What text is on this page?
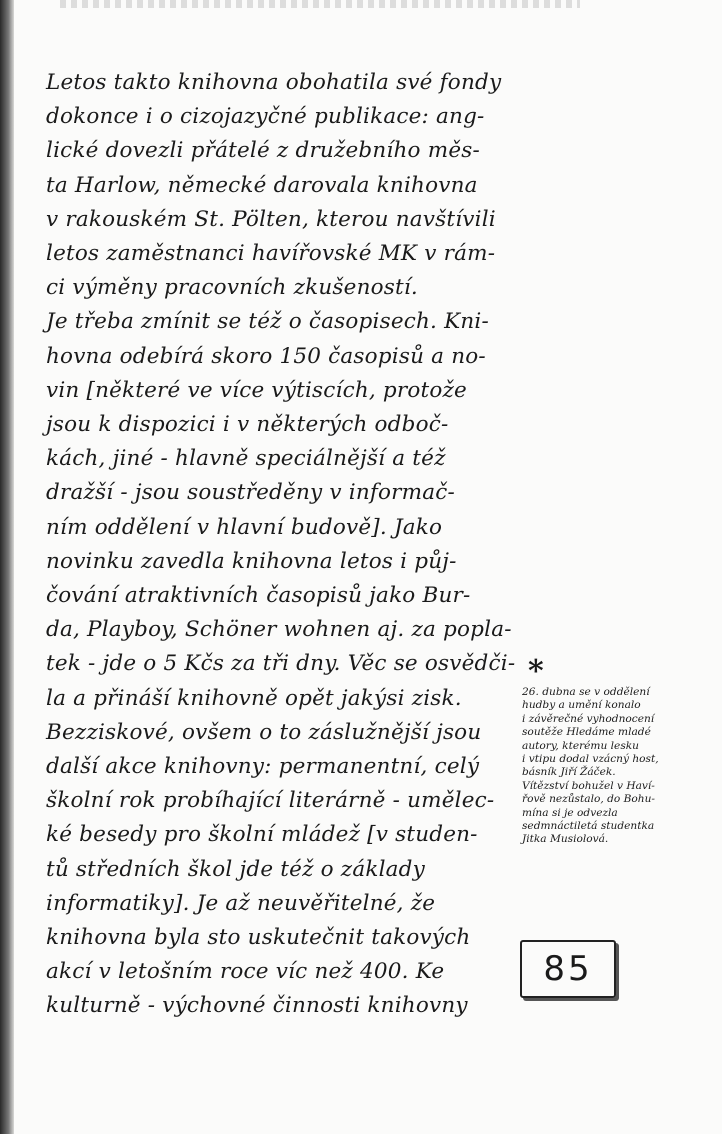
Letos takto knihovna obohatila své fondy
dokonce i o cizojazyčné publikace: ang-
lické dovezli přátelé z družebního měs-
ta Harlow, německé darovala knihovna
v rakouském St. Pölten, kterou navštívili
letos zaměstnanci havířovské MK v rám-
ci výměny pracovních zkušeností.
Je třeba zmínit se též o časopisech. Kni-
hovna odebírá skoro 150 časopisů a no-
vin [některé ve více výtiscích, protože
jsou k dispozici i v některých odboč-
kách, jiné - hlavně speciálnější a též
dražší - jsou soustředěny v informač-
ním oddělení v hlavní budově]. Jako
novinku zavedla knihovna letos i půj-
čování atraktivních časopisů jako Bur-
da, Playboy, Schöner wohnen aj. za popla-
tek - jde o 5 Kčs za tři dny. Věc se osvědči-
la a přináší knihovně opět jakýsi zisk.
Bezziskové, ovšem o to záslužnější jsou
další akce knihovny: permanentní, celý
školní rok probíhající literárně - umělec-
ké besedy pro školní mládež [v studen-
tů středních škol jde též o základy
informatiky]. Je až neuvěřitelné, že
knihovna byla sto uskutečnit takových
akcí v letošním roce víc než 400. Ke
kulturně - výchovné činnosti knihovny
*
26. dubna se v oddělení
hudby a umění konalo
i závěrečné vyhodnocení
soutěže Hledáme mladé
autory, kterému lesku
i vtipu dodal vzácný host,
básník Jiří Žáček.
Vítězství bohužel v Haví-
řově nezůstalo, do Bohu-
mína si je odvezla
sedmnáctiletá studentka
Jitka Musiolová.
85
